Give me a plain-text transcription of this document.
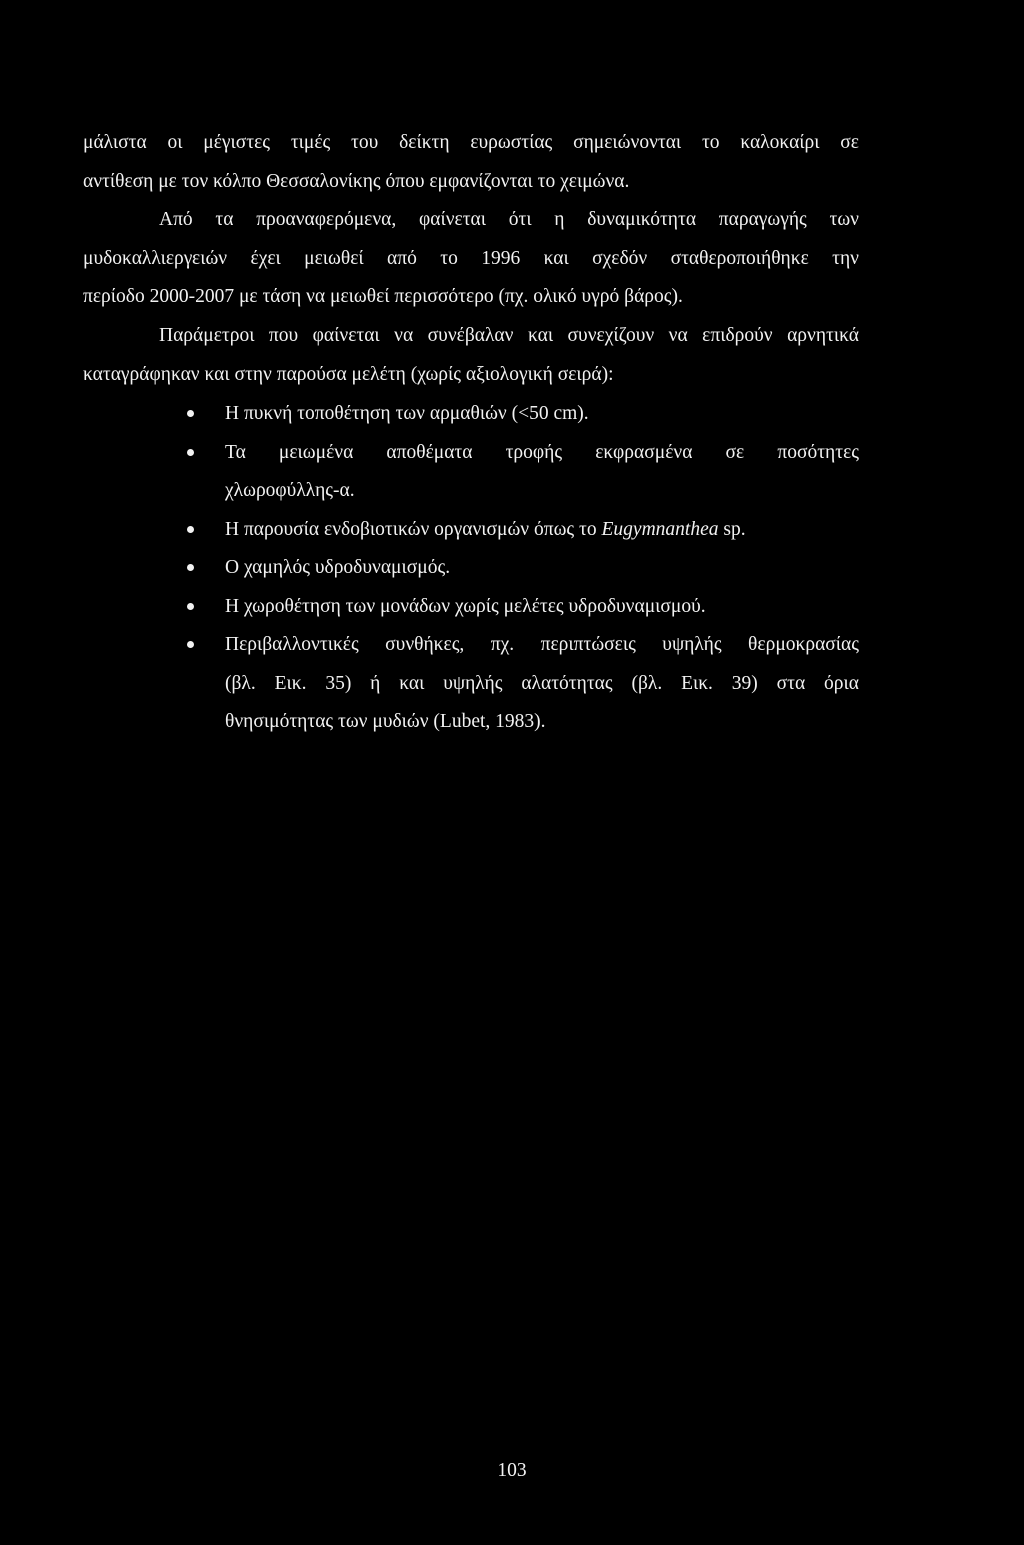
μάλιστα οι μέγιστες τιμές του δείκτη ευρωστίας σημειώνονται το καλοκαίρι σε
αντίθεση με τον κόλπο Θεσσαλονίκης όπου εμφανίζονται το χειμώνα.
Από τα προαναφερόμενα, φαίνεται ότι η δυναμικότητα παραγωγής των
μυδοκαλλιεργειών έχει μειωθεί από το 1996 και σχεδόν σταθεροποιήθηκε την
περίοδο 2000-2007 με τάση να μειωθεί περισσότερο (πχ. ολικό υγρό βάρος).
Παράμετροι που φαίνεται να συνέβαλαν και συνεχίζουν να επιδρούν αρνητικά
καταγράφηκαν και στην παρούσα μελέτη (χωρίς αξιολογική σειρά):
Η πυκνή τοποθέτηση των αρμαθιών (<50 cm).
Τα μειωμένα αποθέματα τροφής εκφρασμένα σε ποσότητες
χλωροφύλλης-α.
Η παρουσία ενδοβιοτικών οργανισμών όπως το Eugymnanthea sp.
Ο χαμηλός υδροδυναμισμός.
Η χωροθέτηση των μονάδων χωρίς μελέτες υδροδυναμισμού.
Περιβαλλοντικές συνθήκες, πχ. περιπτώσεις υψηλής θερμοκρασίας
(βλ. Εικ. 35) ή και υψηλής αλατότητας (βλ. Εικ. 39) στα όρια
θνησιμότητας των μυδιών (Lubet, 1983).
103
